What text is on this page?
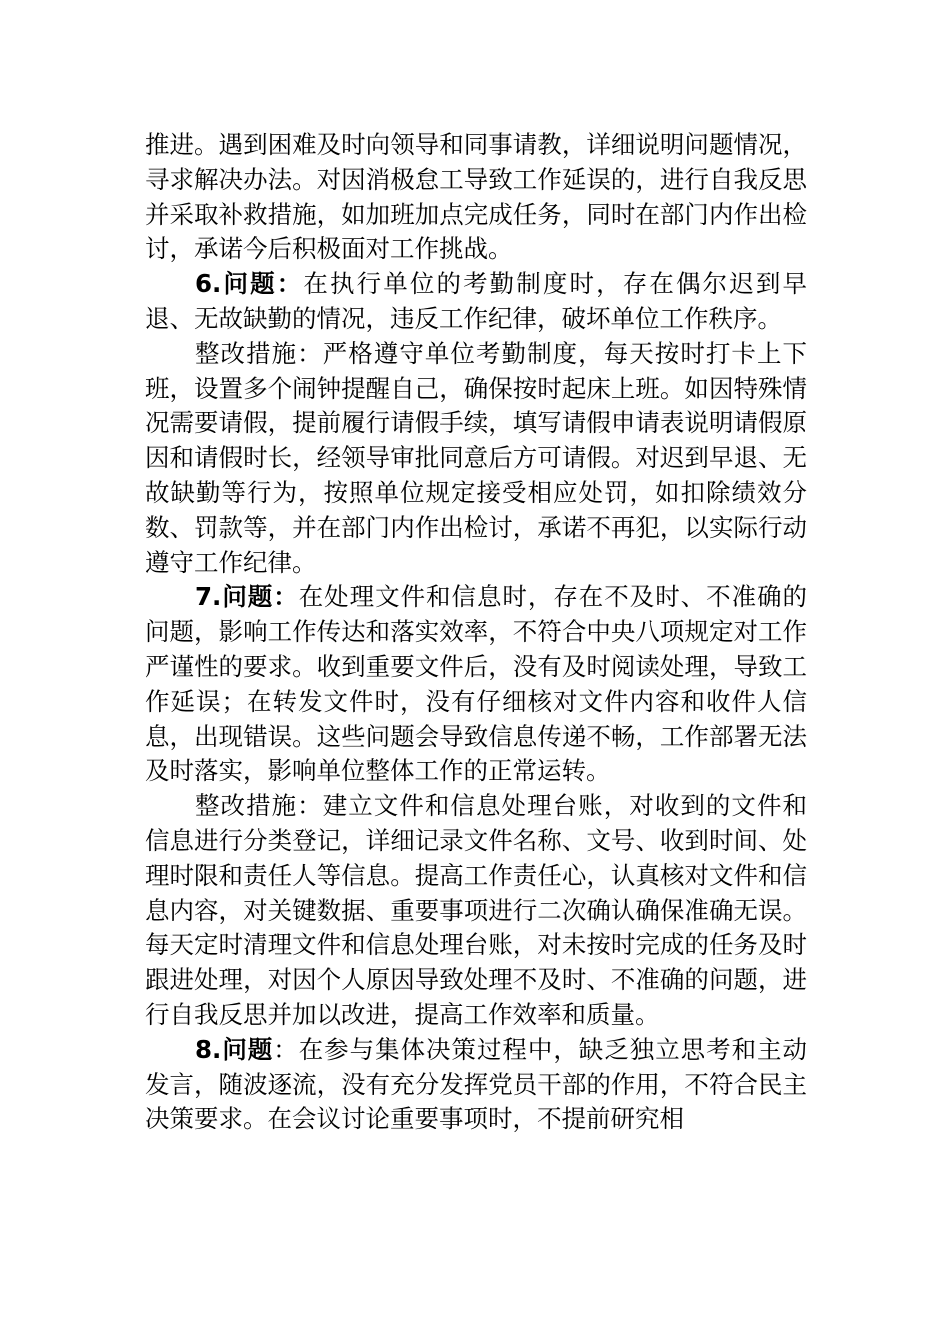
推进。遇到困难及时向领导和同事请教，详细说明问题情况，寻求解决办法。对因消极怠工导致工作延误的，进行自我反思并采取补救措施，如加班加点完成任务，同时在部门内作出检讨，承诺今后积极面对工作挑战。

6.问题：在执行单位的考勤制度时，存在偶尔迟到早退、无故缺勤的情况，违反工作纪律，破坏单位工作秩序。

整改措施：严格遵守单位考勤制度，每天按时打卡上下班，设置多个闹钟提醒自己，确保按时起床上班。如因特殊情况需要请假，提前履行请假手续，填写请假申请表说明请假原因和请假时长，经领导审批同意后方可请假。对迟到早退、无故缺勤等行为，按照单位规定接受相应处罚，如扣除绩效分数、罚款等，并在部门内作出检讨，承诺不再犯，以实际行动遵守工作纪律。

7.问题：在处理文件和信息时，存在不及时、不准确的问题，影响工作传达和落实效率，不符合中央八项规定对工作严谨性的要求。收到重要文件后，没有及时阅读处理，导致工作延误；在转发文件时，没有仔细核对文件内容和收件人信息，出现错误。这些问题会导致信息传递不畅，工作部署无法及时落实，影响单位整体工作的正常运转。

整改措施：建立文件和信息处理台账，对收到的文件和信息进行分类登记，详细记录文件名称、文号、收到时间、处理时限和责任人等信息。提高工作责任心，认真核对文件和信息内容，对关键数据、重要事项进行二次确认确保准确无误。每天定时清理文件和信息处理台账，对未按时完成的任务及时跟进处理，对因个人原因导致处理不及时、不准确的问题，进行自我反思并加以改进，提高工作效率和质量。

8.问题：在参与集体决策过程中，缺乏独立思考和主动发言，随波逐流，没有充分发挥党员干部的作用，不符合民主决策要求。在会议讨论重要事项时，不提前研究相
